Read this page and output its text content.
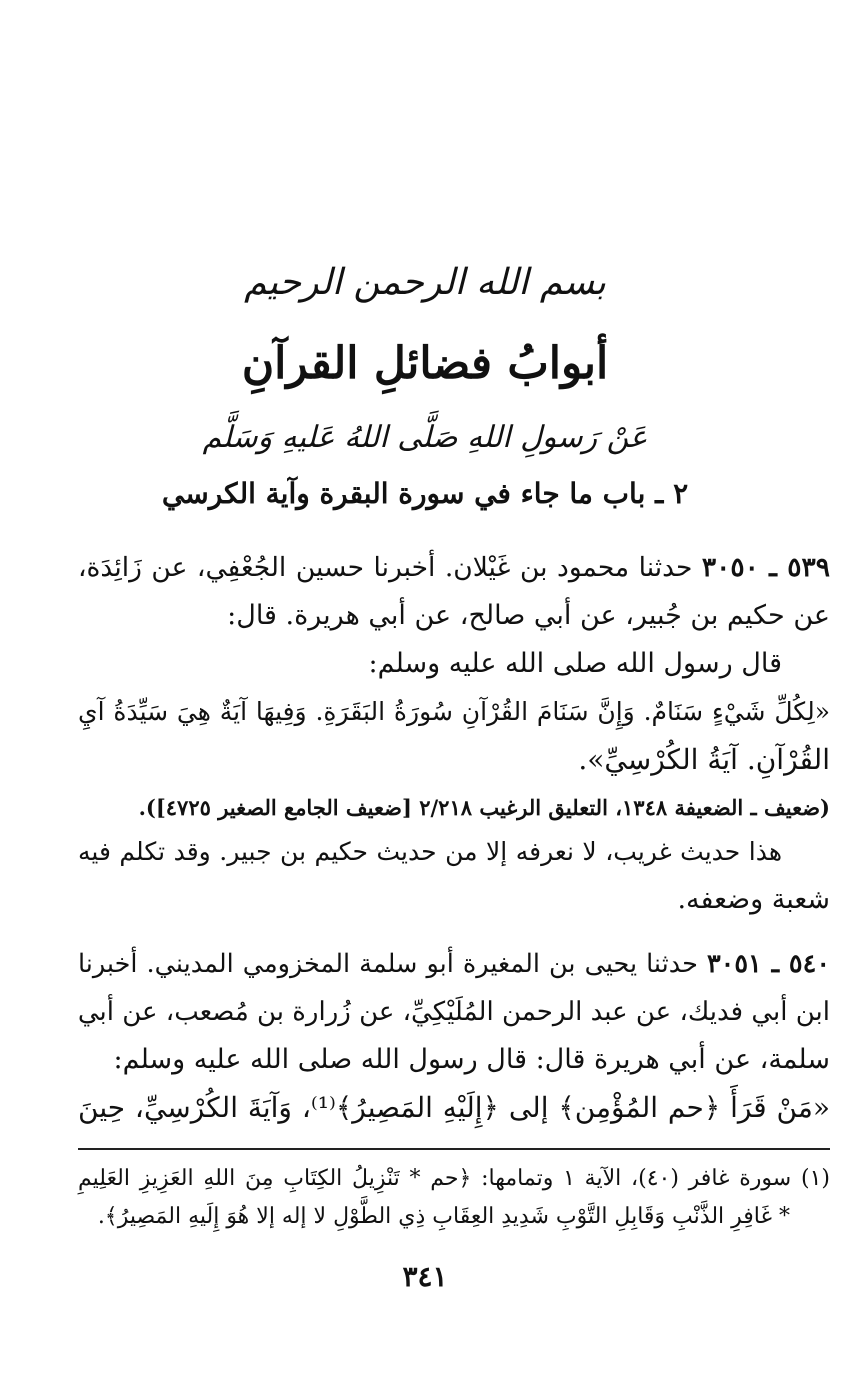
بسم الله الرحمن الرحيم
أبوابُ فضائلِ القرآنِ
عَنْ رَسولِ اللهِ صَلَّى اللهُ عَليهِ وَسَلَّم
٢ ـ باب ما جاء في سورة البقرة وآية الكرسي
٥٣٩ ـ ٣٠٥٠ حدثنا محمود بن غَيْلان. أخبرنا حسين الجُعْفِي، عن زَائِدَة،
عن حكيم بن جُبير، عن أبي صالح، عن أبي هريرة. قال:
قال رسول الله صلى الله عليه وسلم:
«لِكُلِّ شَيْءٍ سَنَامٌ. وَإِنَّ سَنَامَ القُرْآنِ سُورَةُ البَقَرَةِ. وَفِيهَا آيَةٌ هِيَ سَيِّدَةُ آيِ
القُرْآنِ. آيَةُ الكُرْسِيِّ».
(ضعيف ـ الضعيفة ١٣٤٨، التعليق الرغيب ٢/٢١٨ [ضعيف الجامع الصغير ٤٧٢٥]).
هذا حديث غريب، لا نعرفه إلا من حديث حكيم بن جبير. وقد تكلم فيه
شعبة وضعفه.
٥٤٠ ـ ٣٠٥١ حدثنا يحيى بن المغيرة أبو سلمة المخزومي المديني. أخبرنا
ابن أبي فديك، عن عبد الرحمن المُلَيْكِيِّ، عن زُرارة بن مُصعب، عن أبي
سلمة، عن أبي هريرة قال: قال رسول الله صلى الله عليه وسلم:
«مَنْ قَرَأَ ﴿حم المُؤْمِن﴾ إلى ﴿إِلَيْهِ المَصِيرُ﴾⁽¹⁾، وَآيَةَ الكُرْسِيِّ، حِينَ
(١) سورة غافر (٤٠)، الآية ١ وتمامها: ﴿حم * تَنْزِيلُ الكِتَابِ مِنَ اللهِ العَزِيزِ العَلِيمِ
* غَافِرِ الذَّنْبِ وَقَابِلِ التَّوْبِ شَدِيدِ العِقَابِ ذِي الطَّوْلِ لا إله إلا هُوَ إِلَيهِ المَصِيرُ﴾.
٣٤١
